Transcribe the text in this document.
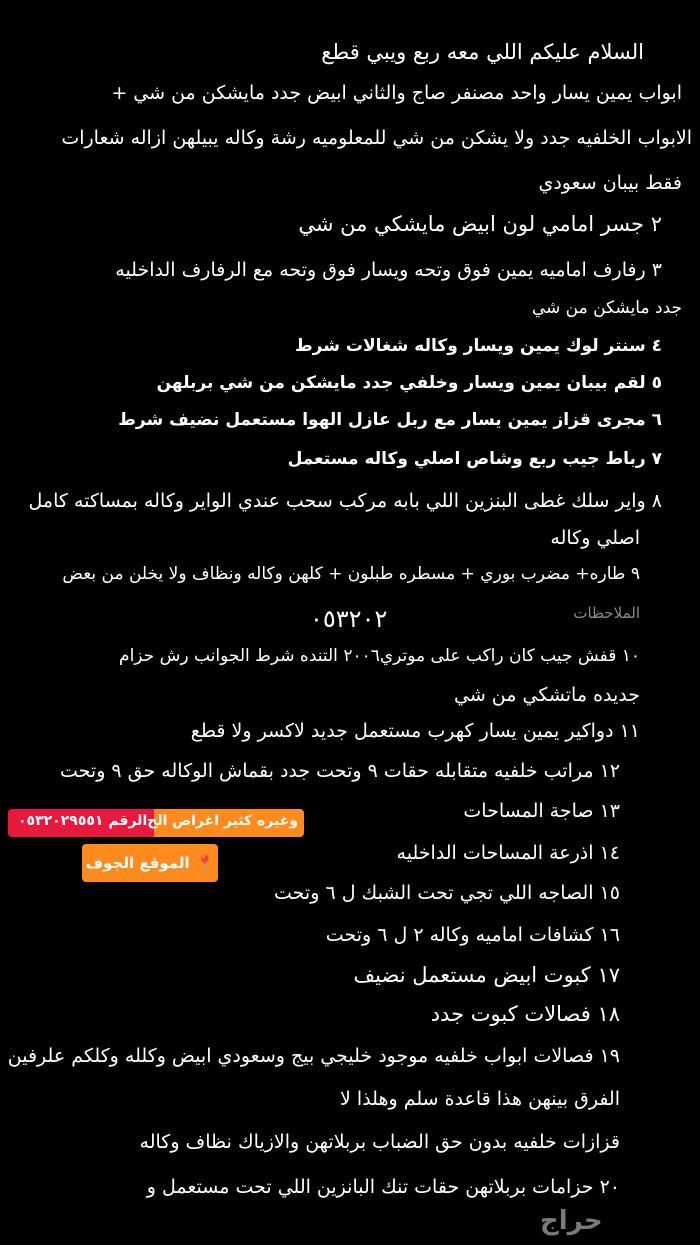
السلام عليكم اللي معه ربع ويبي قطع
ابواب يمين يسار واحد مصنفر صاج والثاني ابيض جدد مايشكن من شي +
الابواب الخلفيه جدد ولا يشكن من شي للمعلوميه رشة وكاله يبيلهن ازاله شعارات
فقط بيبان سعودي
٢ جسر امامي لون ابيض مايشكي من شي
٣ رفارف اماميه يمين فوق وتحه ويسار فوق وتحه مع الرفارف الداخليه
جدد مايشكن من شي
٤ سنتر لوك يمين ويسار وكاله شغالات شرط
٥ لقم بيبان يمين ويسار وخلفي جدد مايشكن من شي بربلهن
٦ مجرى قزاز يمين يسار مع ربل عازل الهوا مستعمل نضيف شرط
٧ رباط جيب ربع وشاص اصلي وكاله مستعمل
٨ واير سلك غطى البنزين اللي بابه مركب سحب عندي الواير وكاله بمساكته كامل
اصلي وكاله
٩ طاره+ مضرب بوري + مسطره طبلون + كلهن وكاله ونظاف ولا يخلن من بعض
الملاحظات
٠٥٣٢٠٢
١٠ قفش جيب كان راكب على موتري٢٠٠٦ التنده شرط الجوانب رش حزام
جديده ماتشكي من شي
١١ دواكير يمين يسار كهرب مستعمل جديد لاكسر ولا قطع
١٢ مراتب خلفيه متقابله حقات ٩ وتحت جدد بقماش الوكاله حق ٩ وتحت
١٣ صاجة المساحات
١٤ اذرعة المساحات الداخليه
١٥ الصاجه اللي تجي تحت الشبك ل ٦ وتحت
١٦ كشافات اماميه وكاله ٢ ل ٦ وتحت
١٧ كبوت ابيض مستعمل نضيف
١٨ فصالات كبوت جدد
١٩ فصالات ابواب خلفيه موجود خليجي بيج وسعودي ابيض وكلله وكلكم علرفين
الفرق بينهن هذا قاعدة سلم وهلذا لا
قزازات خلفيه بدون حق الضباب بربلاتهن والازياك نظاف وكاله
٢٠ حزامات بربلاتهن حقات تنك البانزين اللي تحت مستعمل و
الرقم ٠٥٣٢٠٢٩٥٥١ وغيره كثير اغراض الح
📍
الموقع الجوف
حراج
